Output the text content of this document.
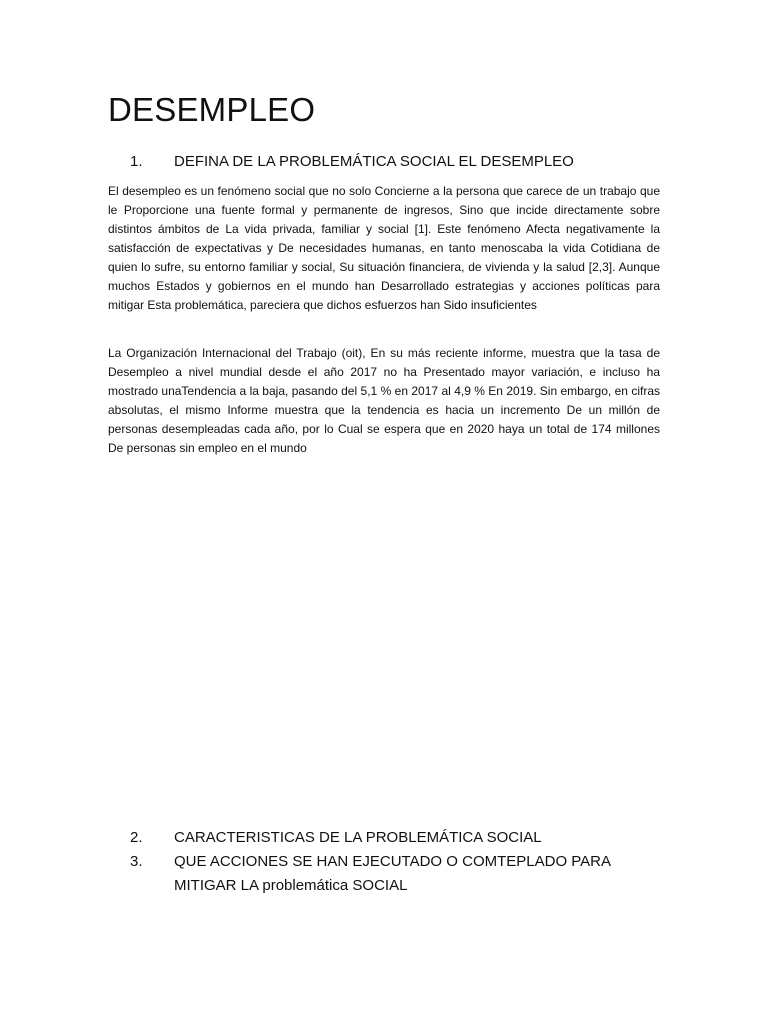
DESEMPLEO
1. DEFINA DE LA PROBLEMÁTICA SOCIAL EL DESEMPLEO

El desempleo es un fenómeno social que no solo Concierne a la persona que carece de un trabajo que le Proporcione una fuente formal y permanente de ingresos, Sino que incide directamente sobre distintos ámbitos de La vida privada, familiar y social [1]. Este fenómeno Afecta negativamente la satisfacción de expectativas y De necesidades humanas, en tanto menoscaba la vida Cotidiana de quien lo sufre, su entorno familiar y social, Su situación financiera, de vivienda y la salud [2,3]. Aunque muchos Estados y gobiernos en el mundo han Desarrollado estrategias y acciones políticas para mitigar Esta problemática, pareciera que dichos esfuerzos han Sido insuficientes

La Organización Internacional del Trabajo (oit), En su más reciente informe, muestra que la tasa de Desempleo a nivel mundial desde el año 2017 no ha Presentado mayor variación, e incluso ha mostrado unaTendencia a la baja, pasando del 5,1 % en 2017 al 4,9 % En 2019. Sin embargo, en cifras absolutas, el mismo Informe muestra que la tendencia es hacia un incremento De un millón de personas desempleadas cada año, por lo Cual se espera que en 2020 haya un total de 174 millones De personas sin empleo en el mundo

2. CARACTERISTICAS DE LA PROBLEMÁTICA SOCIAL
3. QUE ACCIONES SE HAN EJECUTADO O COMTEPLADO PARA MITIGAR LA problemática SOCIAL
